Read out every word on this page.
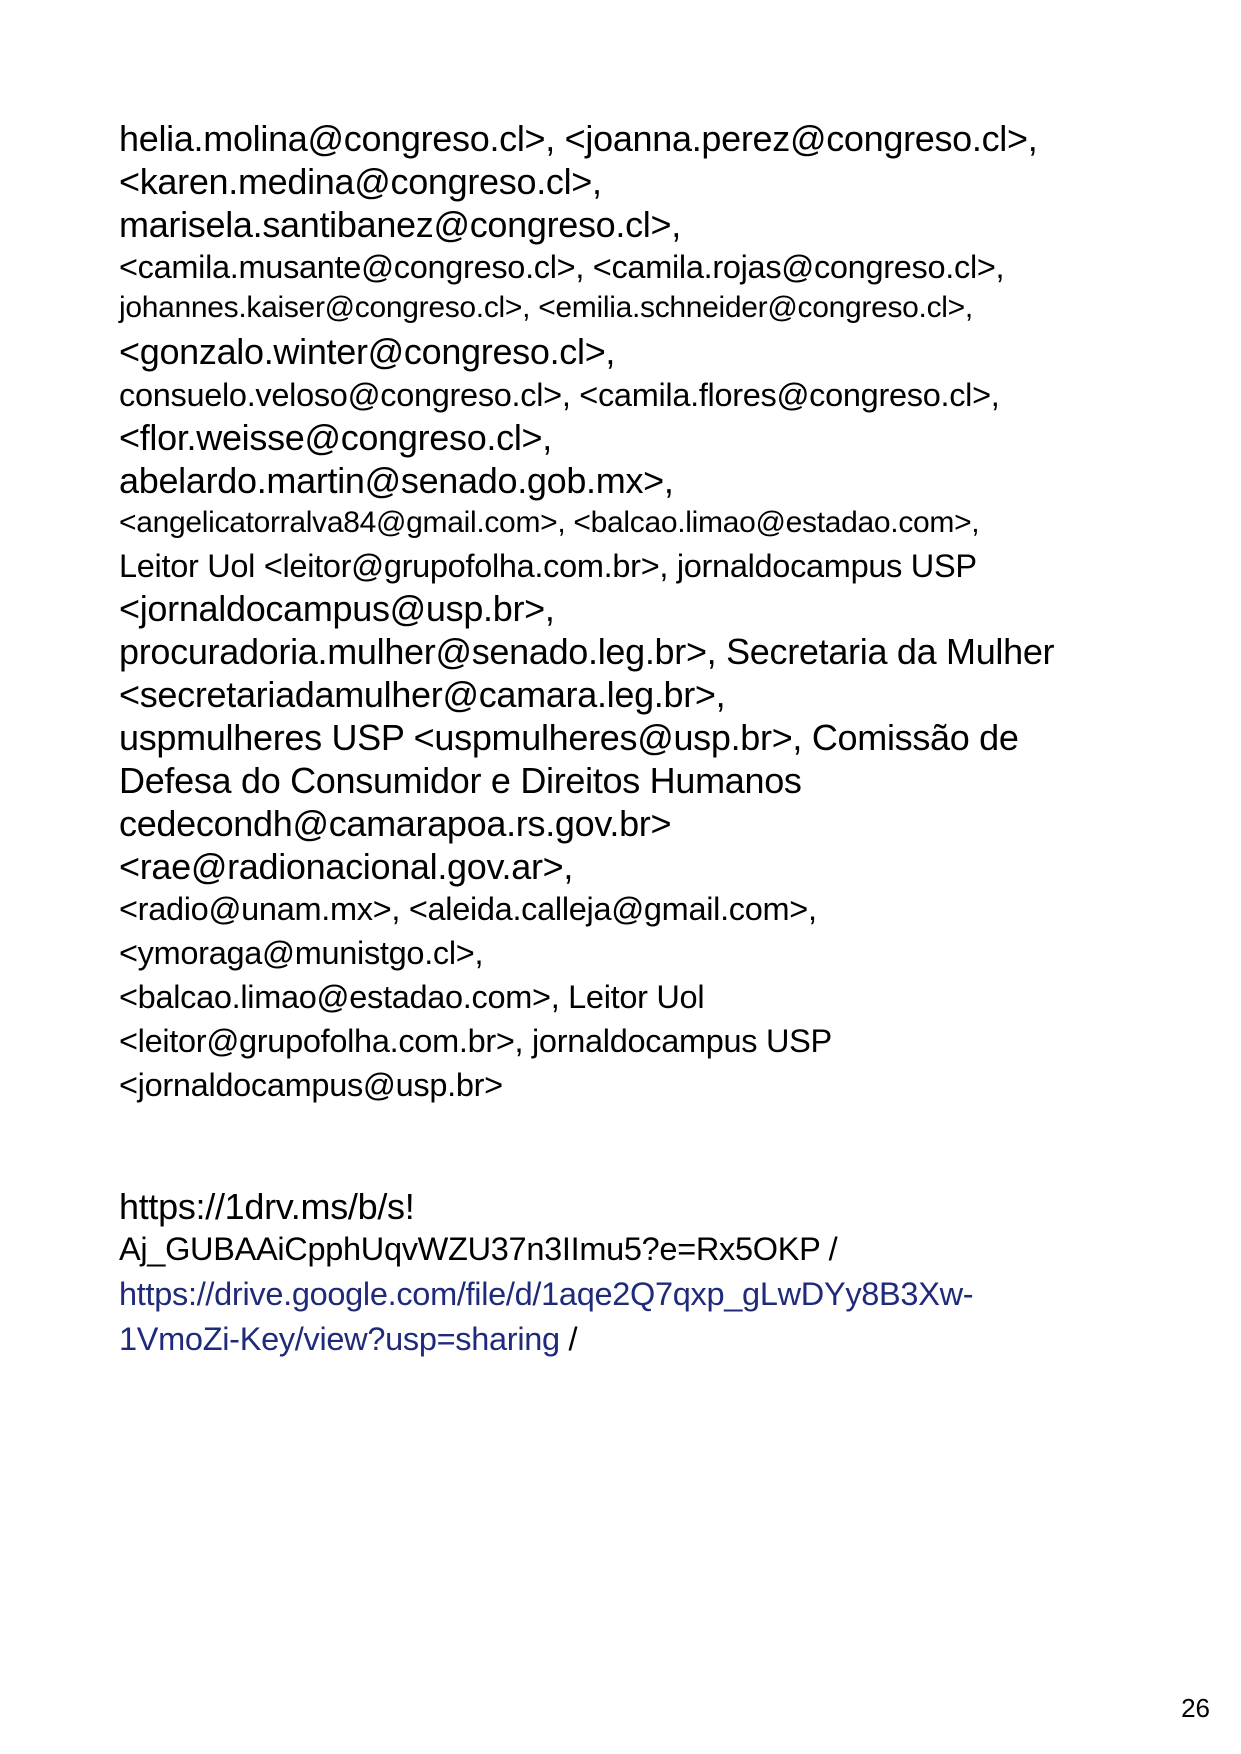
helia.molina@congreso.cl>, <joanna.perez@congreso.cl>,
<karen.medina@congreso.cl>,
marisela.santibanez@congreso.cl>,
<camila.musante@congreso.cl>, <camila.rojas@congreso.cl>,
johannes.kaiser@congreso.cl>, <emilia.schneider@congreso.cl>,
<gonzalo.winter@congreso.cl>,
consuelo.veloso@congreso.cl>, <camila.flores@congreso.cl>,
<flor.weisse@congreso.cl>,
abelardo.martin@senado.gob.mx>,
<angelicatorralva84@gmail.com>, <balcao.limao@estadao.com>,
Leitor Uol <leitor@grupofolha.com.br>, jornaldocampus USP
<jornaldocampus@usp.br>,
procuradoria.mulher@senado.leg.br>, Secretaria da Mulher
<secretariadamulher@camara.leg.br>,
uspmulheres USP <uspmulheres@usp.br>, Comissão de
Defesa do Consumidor e Direitos Humanos
cedecondh@camarapoa.rs.gov.br>
<rae@radionacional.gov.ar>,
<radio@unam.mx>, <aleida.calleja@gmail.com>,
<ymoraga@munistgo.cl>,
<balcao.limao@estadao.com>, Leitor Uol
<leitor@grupofolha.com.br>, jornaldocampus USP
<jornaldocampus@usp.br>
https://1drv.ms/b/s!
Aj_GUBAAiCpphUqvWZU37n3IImu5?e=Rx5OKP /
https://drive.google.com/file/d/1aqe2Q7qxp_gLwDYy8B3Xw-
1VmoZi-Key/view?usp=sharing /
26
